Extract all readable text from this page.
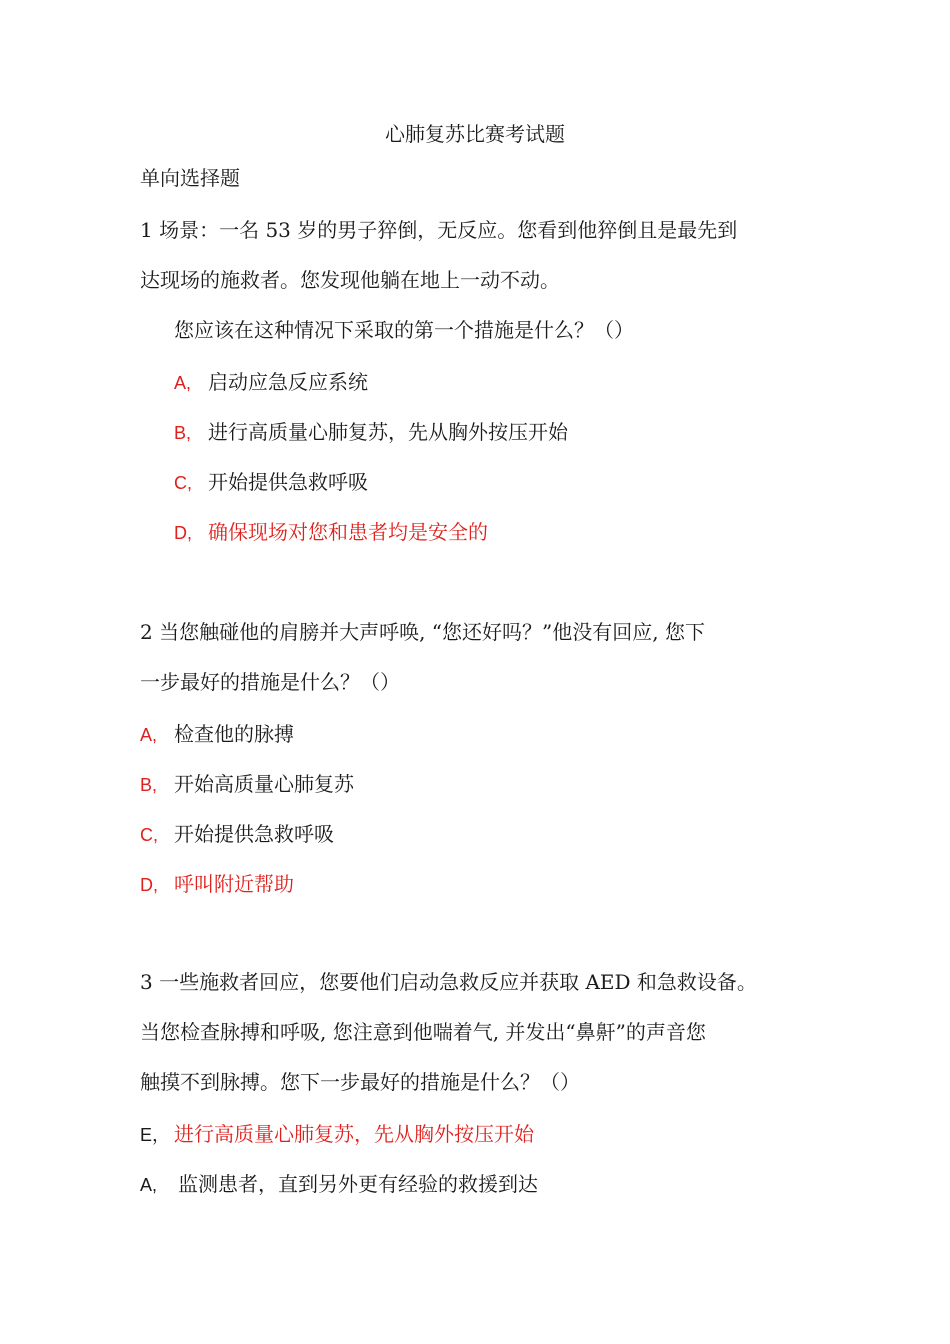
心肺复苏比赛考试题
单向选择题
1 场景：一名 53 岁的男子猝倒，无反应。您看到他猝倒且是最先到
达现场的施救者。您发现他躺在地上一动不动。
您应该在这种情况下采取的第一个措施是什么？（）
A, 启动应急反应系统
B, 进行高质量心肺复苏，先从胸外按压开始
C, 开始提供急救呼吸
D, 确保现场对您和患者均是安全的
2 当您触碰他的肩膀并大声呼唤, “您还好吗？”他没有回应, 您下
一步最好的措施是什么？（）
A, 检查他的脉搏
B, 开始高质量心肺复苏
C, 开始提供急救呼吸
D, 呼叫附近帮助
3 一些施救者回应，您要他们启动急救反应并获取 AED 和急救设备。
当您检查脉搏和呼吸, 您注意到他喘着气, 并发出“鼻鼾”的声音您
触摸不到脉搏。您下一步最好的措施是什么？（）
E， 进行高质量心肺复苏，先从胸外按压开始
A, 监测患者，直到另外更有经验的救援到达
